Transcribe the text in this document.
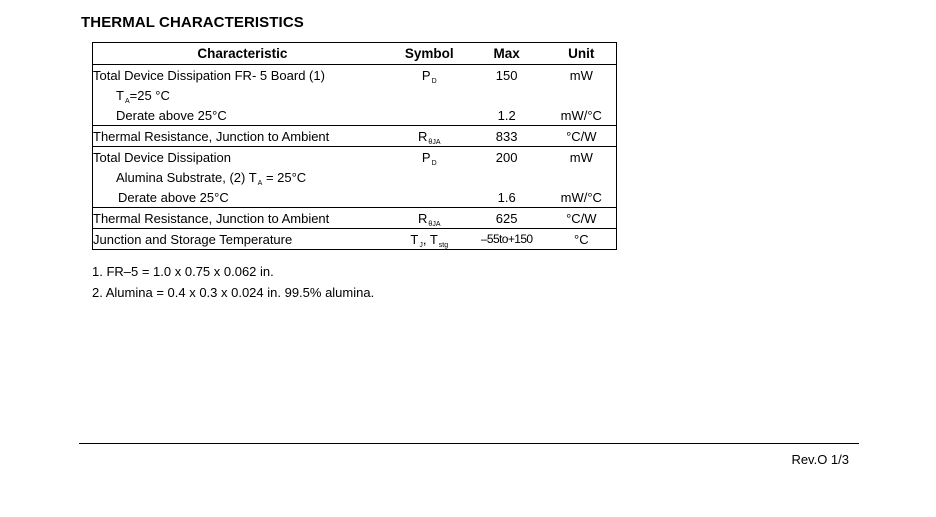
THERMAL CHARACTERISTICS
Characteristic	Symbol	Max	Unit
Total Device Dissipation FR- 5 Board (1)	$P_D$	150	mW
$T_A=25$ °C			
Derate above 25°C		1.2	mW/°C
Thermal Resistance, Junction to Ambient	$R_{\theta JA}$	833	°C/W
Total Device Dissipation	$P_D$	200	mW
Alumina Substrate, (2) $T_A = 25^\circ C$			
Derate above 25°C		1.6	mW/°C
Thermal Resistance, Junction to Ambient	$R_{\theta JA}$	625	°C/W
Junction and Storage Temperature	$T_J$, $T_{stg}$	–55to+150	°C
1. FR–5 = 1.0 x 0.75 x 0.062 in.
2. Alumina = 0.4 x 0.3 x 0.024 in. 99.5% alumina.
Rev.O 1/3
